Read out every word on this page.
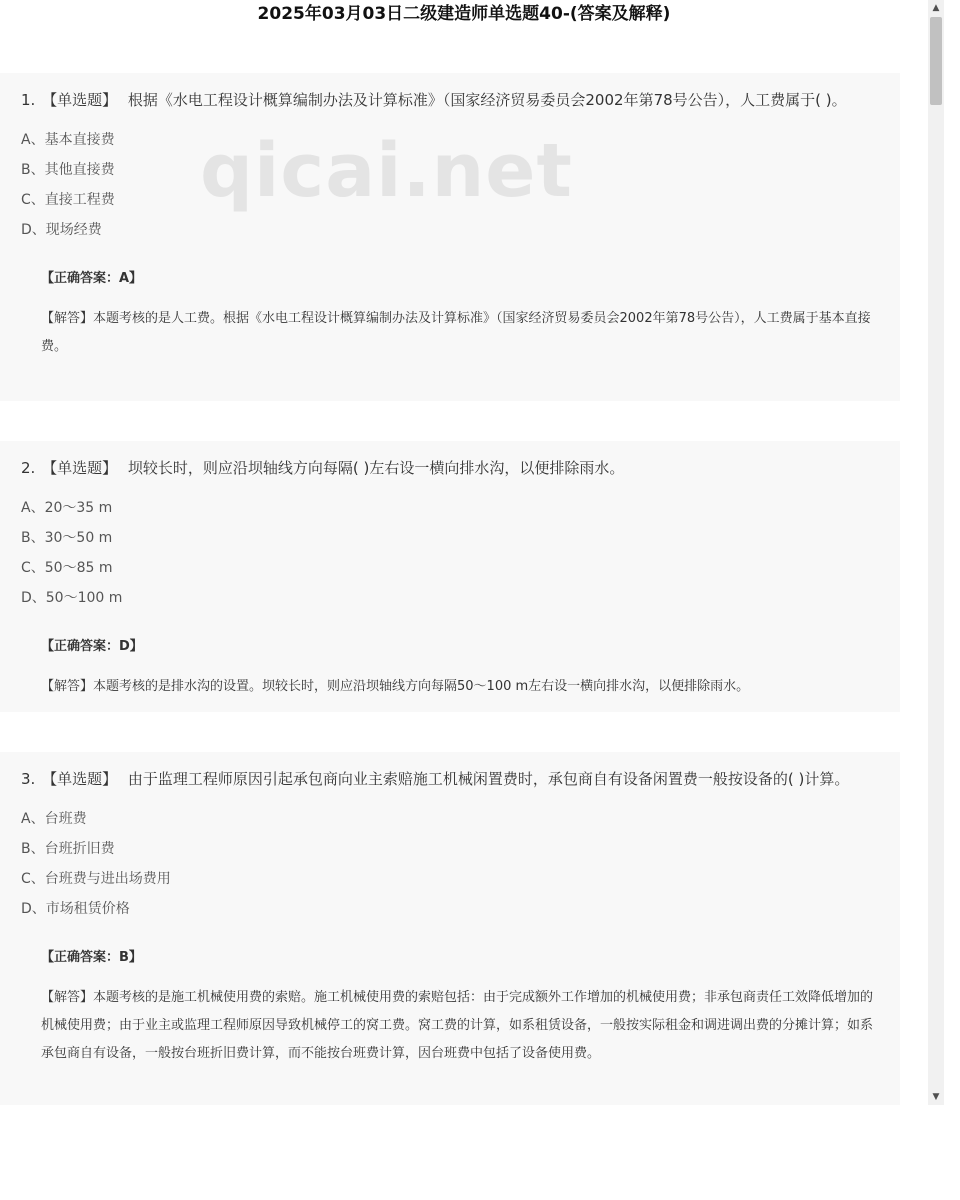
2025年03月03日二级建造师单选题40-(答案及解释)
1. 【单选题】 根据《水电工程设计概算编制办法及计算标准》（国家经济贸易委员会2002年第78号公告），人工费属于( )。
A、基本直接费
B、其他直接费
C、直接工程费
D、现场经费
【正确答案：A】
【解答】本题考核的是人工费。根据《水电工程设计概算编制办法及计算标准》（国家经济贸易委员会2002年第78号公告），人工费属于基本直接费。
2. 【单选题】 坝较长时，则应沿坝轴线方向每隔( )左右设一横向排水沟，以便排除雨水。
A、20～35 m
B、30～50 m
C、50～85 m
D、50～100 m
【正确答案：D】
【解答】本题考核的是排水沟的设置。坝较长时，则应沿坝轴线方向每隔50～100 m左右设一横向排水沟，以便排除雨水。
3. 【单选题】 由于监理工程师原因引起承包商向业主索赔施工机械闲置费时，承包商自有设备闲置费一般按设备的( )计算。
A、台班费
B、台班折旧费
C、台班费与进出场费用
D、市场租赁价格
【正确答案：B】
【解答】本题考核的是施工机械使用费的索赔。施工机械使用费的索赔包括：由于完成额外工作增加的机械使用费；非承包商责任工效降低增加的机械使用费；由于业主或监理工程师原因导致机械停工的窝工费。窝工费的计算，如系租赁设备，一般按实际租金和调进调出费的分摊计算；如系承包商自有设备，一般按台班折旧费计算，而不能按台班费计算，因台班费中包括了设备使用费。
qicai.net
▲
▼
